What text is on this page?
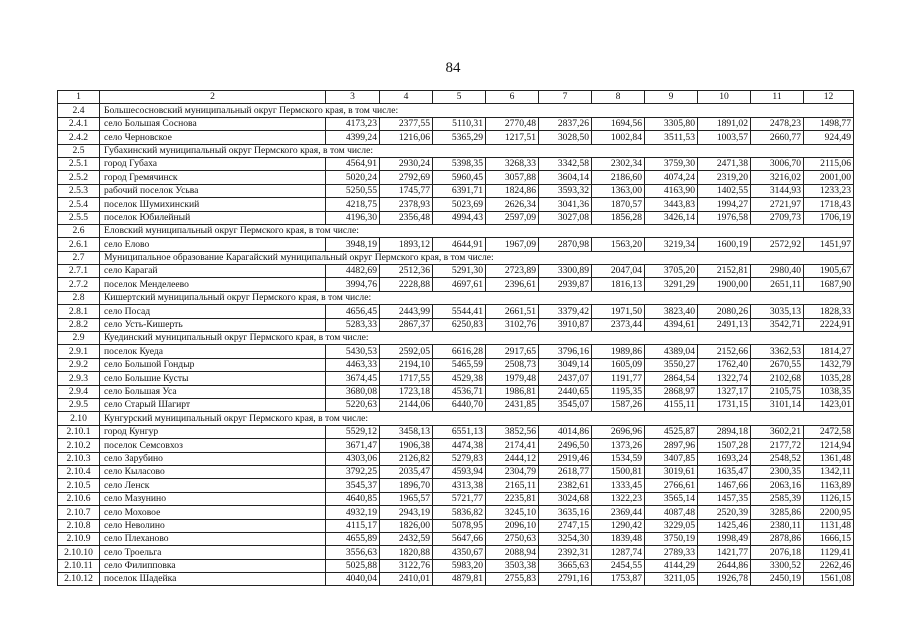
84
1	2	3	4	5	6	7	8	9	10	11	12
2.4	Большесосновский муниципальный округ Пермского края, в том числе:										
2.4.1	село Большая Соснова	4173,23	2377,55	5110,31	2770,48	2837,26	1694,56	3305,80	1891,02	2478,23	1498,77
2.4.2	село Черновское	4399,24	1216,06	5365,29	1217,51	3028,50	1002,84	3511,53	1003,57	2660,77	924,49
2.5	Губахинский муниципальный округ Пермского края, в том числе:										
2.5.1	город Губаха	4564,91	2930,24	5398,35	3268,33	3342,58	2302,34	3759,30	2471,38	3006,70	2115,06
2.5.2	город Гремячинск	5020,24	2792,69	5960,45	3057,88	3604,14	2186,60	4074,24	2319,20	3216,02	2001,00
2.5.3	рабочий поселок Усьва	5250,55	1745,77	6391,71	1824,86	3593,32	1363,00	4163,90	1402,55	3144,93	1233,23
2.5.4	поселок Шумихинский	4218,75	2378,93	5023,69	2626,34	3041,36	1870,57	3443,83	1994,27	2721,97	1718,43
2.5.5	поселок Юбилейный	4196,30	2356,48	4994,43	2597,09	3027,08	1856,28	3426,14	1976,58	2709,73	1706,19
2.6	Еловский муниципальный округ Пермского края, в том числе:										
2.6.1	село Елово	3948,19	1893,12	4644,91	1967,09	2870,98	1563,20	3219,34	1600,19	2572,92	1451,97
2.7	Муниципальное образование Карагайский муниципальный округ Пермского края, в том числе:										
2.7.1	село Карагай	4482,69	2512,36	5291,30	2723,89	3300,89	2047,04	3705,20	2152,81	2980,40	1905,67
2.7.2	поселок Менделеево	3994,76	2228,88	4697,61	2396,61	2939,87	1816,13	3291,29	1900,00	2651,11	1687,90
2.8	Кишертский муниципальный округ Пермского края, в том числе:										
2.8.1	село Посад	4656,45	2443,99	5544,41	2661,51	3379,42	1971,50	3823,40	2080,26	3035,13	1828,33
2.8.2	село Усть-Кишерть	5283,33	2867,37	6250,83	3102,76	3910,87	2373,44	4394,61	2491,13	3542,71	2224,91
2.9	Куединский муниципальный округ Пермского края, в том числе:										
2.9.1	поселок Куеда	5430,53	2592,05	6616,28	2917,65	3796,16	1989,86	4389,04	2152,66	3362,53	1814,27
2.9.2	село Большой Гондыр	4463,33	2194,10	5465,59	2508,73	3049,14	1605,09	3550,27	1762,40	2670,55	1432,79
2.9.3	село Большие Кусты	3674,45	1717,55	4529,38	1979,48	2437,07	1191,77	2864,54	1322,74	2102,68	1035,28
2.9.4	село Большая Уса	3680,08	1723,18	4536,71	1986,81	2440,65	1195,35	2868,97	1327,17	2105,75	1038,35
2.9.5	село Старый Шагирт	5220,63	2144,06	6440,70	2431,85	3545,07	1587,26	4155,11	1731,15	3101,14	1423,01
2.10	Кунгурский муниципальный округ Пермского края, в том числе:										
2.10.1	город Кунгур	5529,12	3458,13	6551,13	3852,56	4014,86	2696,96	4525,87	2894,18	3602,21	2472,58
2.10.2	поселок Семсовхоз	3671,47	1906,38	4474,38	2174,41	2496,50	1373,26	2897,96	1507,28	2177,72	1214,94
2.10.3	село Зарубино	4303,06	2126,82	5279,83	2444,12	2919,46	1534,59	3407,85	1693,24	2548,52	1361,48
2.10.4	село Кыласово	3792,25	2035,47	4593,94	2304,79	2618,77	1500,81	3019,61	1635,47	2300,35	1342,11
2.10.5	село Ленск	3545,37	1896,70	4313,38	2165,11	2382,61	1333,45	2766,61	1467,66	2063,16	1163,89
2.10.6	село Мазунино	4640,85	1965,57	5721,77	2235,81	3024,68	1322,23	3565,14	1457,35	2585,39	1126,15
2.10.7	село Моховое	4932,19	2943,19	5836,82	3245,10	3635,16	2369,44	4087,48	2520,39	3285,86	2200,95
2.10.8	село Неволино	4115,17	1826,00	5078,95	2096,10	2747,15	1290,42	3229,05	1425,46	2380,11	1131,48
2.10.9	село Плеханово	4655,89	2432,59	5647,66	2750,63	3254,30	1839,48	3750,19	1998,49	2878,86	1666,15
2.10.10	село Троельга	3556,63	1820,88	4350,67	2088,94	2392,31	1287,74	2789,33	1421,77	2076,18	1129,41
2.10.11	село Филипповка	5025,88	3122,76	5983,20	3503,38	3665,63	2454,55	4144,29	2644,86	3300,52	2262,46
2.10.12	поселок Шадейка	4040,04	2410,01	4879,81	2755,83	2791,16	1753,87	3211,05	1926,78	2450,19	1561,08
